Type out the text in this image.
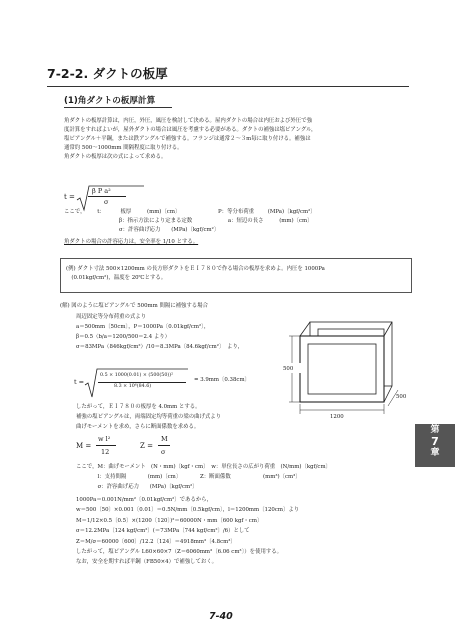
7-2-2. ダクトの板厚
(1)角ダクトの板厚計算
角ダクトの板厚計算は，内圧，外圧，風圧を検討して決める。屋内ダクトの場合は内圧および外圧で強
度計算をすればよいが，屋外ダクトの場合は風圧を考慮する必要がある。ダクトの補強は塩ビアングル，
塩ビアングル＋平鋼，または鉄アングルで補強する。フランジは通常２～３m毎に取り付ける。補強は
通常約 500～1000mm 間隔程度に取り付ける。
角ダクトの板厚は次の式によって求める。
t =
β P a²
σ
ここで， t：	板厚	(mm)〔cm〕	P：等分布荷重	(MPa)〔kgf/cm²〕
β：指示方法により定まる定数	a：短辺の長さ	(mm)〔cm〕
σ：許容曲げ応力　　(MPa)〔kgf/cm²〕
角ダクトの場合の許容応力は，安全率を 1/10 とする。
(例) ダクト寸法 500×1200mm の長方形ダクトをＥＩ７８０で作る場合の板厚を求めよ。内圧を 1000Pa
　(0.01kgf/cm²)，温度を 20℃とする。
(解) 図のように塩ビアングルで 500mm 間隔に補強する場合
周辺固定等分布荷重の式より
a＝500mm〔50cm〕，P＝1000Pa〔0.01kgf/cm²〕，
β＝0.5（b/a＝1200/500＝2.4 より）
σ＝83MPa（846kgf/cm²）/10＝8.3MPa〔84.6kgf/cm²〕　より，
500
1200
500
t =
0.5 × 1000(0.01) × (500(50))²
8.3 × 10⁶(84.6)
= 3.9mm〔0.38cm〕
したがって，ＥＩ７８０の板厚を 4.0mm とする。
補強の塩ビアングルは，両端固定均等荷重の梁の曲げ式より
曲げモーメントを求め，さらに断面係数を求める。
M =
w l²
12
Z =
M
σ
ここで，M：曲げモーメント　(N・mm)〔kgf・cm〕　w：単位長さの広がり荷重　(N/mm)〔kgf/cm〕
　　　　l：支持間隔　　　　(mm)〔cm〕　　　　Z：断面係数　　　　　　(mm³)〔cm³〕
　　　　σ：許容曲げ応力　　(MPa)〔kgf/cm²〕
1000Pa＝0.001N/mm²〔0.01kgf/cm²〕であるから，
w＝500〔50〕×0.001〔0.01〕＝0.5N/mm〔0.5kgf/cm〕，l＝1200mm〔120cm〕より
M＝1/12×0.5〔0.5〕×(1200〔120〕)²＝60000N・mm〔600 kgf・cm〕
σ＝12.2MPa〔124 kgf/cm²〕(＝73MPa〔744 kgf/cm²〕/6）として
Z＝M/σ＝60000〔600〕/12.2〔124〕＝4918mm³〔4.8cm³〕
したがって，塩ビアングル L60×60×7（Z＝6060mm³〔6.06 cm³〕）を使用する。
なお，安全を期すれば平鋼（FB50×4）で補強しておく。
第
7
章
7-40
